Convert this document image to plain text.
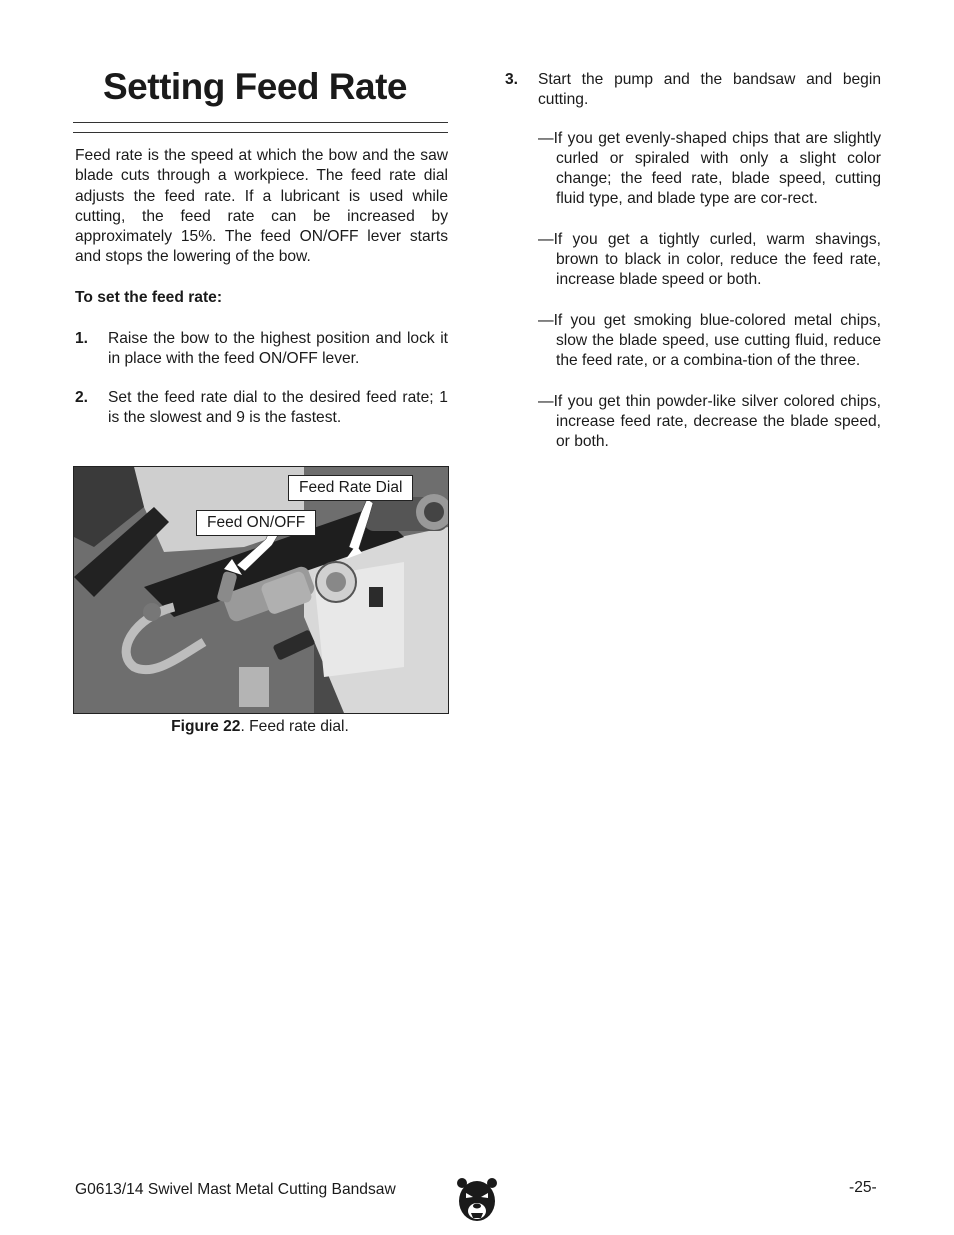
Setting Feed Rate

Feed rate is the speed at which the bow and the saw blade cuts through a workpiece. The feed rate dial adjusts the feed rate. If a lubricant is used while cutting, the feed rate can be increased by approximately 15%. The feed ON/OFF lever starts and stops the lowering of the bow.

To set the feed rate:

1.	Raise the bow to the highest position and lock it in place with the feed ON/OFF lever.
2.	Set the feed rate dial to the desired feed rate; 1 is the slowest and 9 is the fastest.
3.	Start the pump and the bandsaw and begin cutting.

—If you get evenly-shaped chips that are slightly curled or spiraled with only a slight color change; the feed rate, blade speed, cutting fluid type, and blade type are cor-rect.

—If you get a tightly curled, warm shavings, brown to black in color, reduce the feed rate, increase blade speed or both.

—If you get smoking blue-colored metal chips, slow the blade speed, use cutting fluid, reduce the feed rate, or a combina-tion of the three.

—If you get thin powder-like silver colored chips, increase feed rate, decrease the blade speed, or both.

Feed Rate Dial
Feed ON/OFF
Figure 22. Feed rate dial.
G0613/14 Swivel Mast Metal Cutting Bandsaw	-25-
